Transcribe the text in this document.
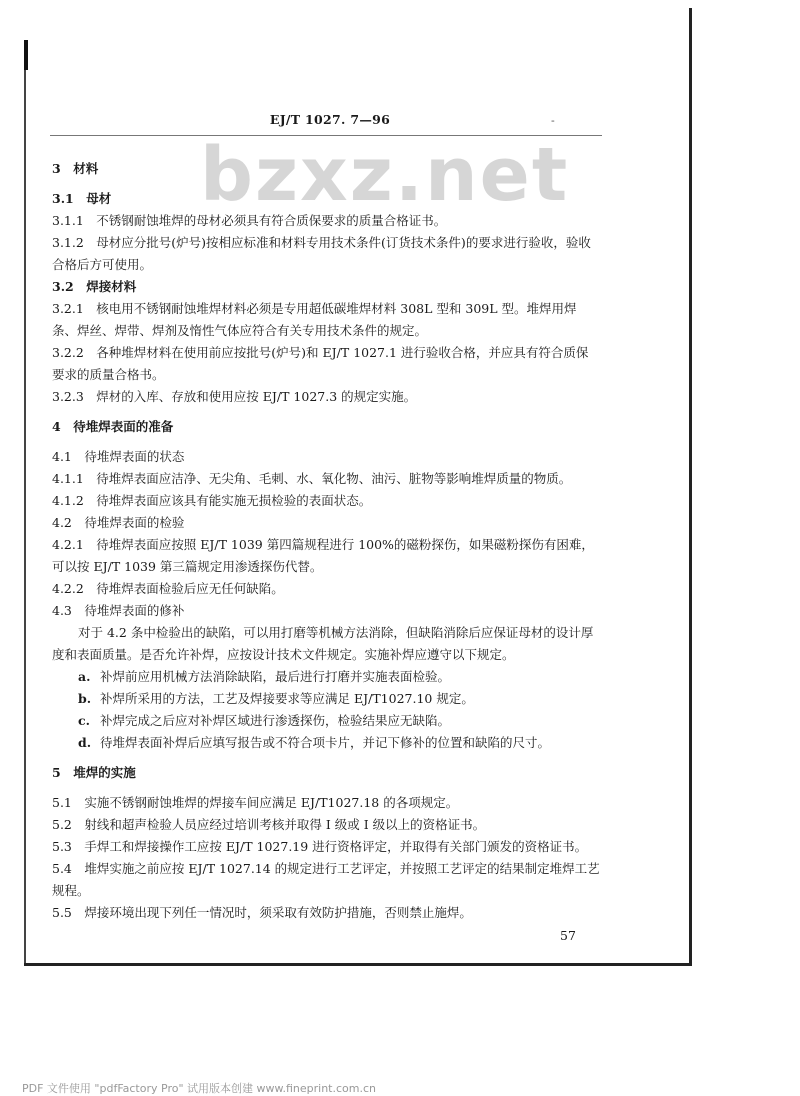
EJ/T 1027. 7—96	-
bzxz.net

3　材料

3.1　母材

3.1.1　不锈钢耐蚀堆焊的母材必须具有符合质保要求的质量合格证书。

3.1.2　母材应分批号(炉号)按相应标准和材料专用技术条件(订货技术条件)的要求进行验收，验收合格后方可使用。

3.2　焊接材料

3.2.1　核电用不锈钢耐蚀堆焊材料必须是专用超低碳堆焊材料 308L 型和 309L 型。堆焊用焊条、焊丝、焊带、焊剂及惰性气体应符合有关专用技术条件的规定。

3.2.2　各种堆焊材料在使用前应按批号(炉号)和 EJ/T 1027.1 进行验收合格，并应具有符合质保要求的质量合格书。

3.2.3　焊材的入库、存放和使用应按 EJ/T 1027.3 的规定实施。

4　待堆焊表面的准备

4.1　待堆焊表面的状态

4.1.1　待堆焊表面应洁净、无尖角、毛刺、水、氧化物、油污、脏物等影响堆焊质量的物质。

4.1.2　待堆焊表面应该具有能实施无损检验的表面状态。

4.2　待堆焊表面的检验

4.2.1　待堆焊表面应按照 EJ/T 1039 第四篇规程进行 100%的磁粉探伤，如果磁粉探伤有困难，可以按 EJ/T 1039 第三篇规定用渗透探伤代替。

4.2.2　待堆焊表面检验后应无任何缺陷。

4.3　待堆焊表面的修补

对于 4.2 条中检验出的缺陷，可以用打磨等机械方法消除，但缺陷消除后应保证母材的设计厚度和表面质量。是否允许补焊，应按设计技术文件规定。实施补焊应遵守以下规定。

a. 补焊前应用机械方法消除缺陷，最后进行打磨并实施表面检验。

b. 补焊所采用的方法，工艺及焊接要求等应满足 EJ/T1027.10 规定。

c. 补焊完成之后应对补焊区域进行渗透探伤，检验结果应无缺陷。

d. 待堆焊表面补焊后应填写报告或不符合项卡片，并记下修补的位置和缺陷的尺寸。

5　堆焊的实施

5.1　实施不锈钢耐蚀堆焊的焊接车间应满足 EJ/T1027.18 的各项规定。

5.2　射线和超声检验人员应经过培训考核并取得 Ⅰ 级或 Ⅰ 级以上的资格证书。

5.3　手焊工和焊接操作工应按 EJ/T 1027.19 进行资格评定，并取得有关部门颁发的资格证书。

5.4　堆焊实施之前应按 EJ/T 1027.14 的规定进行工艺评定，并按照工艺评定的结果制定堆焊工艺规程。

5.5　焊接环境出现下列任一情况时，须采取有效防护措施，否则禁止施焊。

57
PDF 文件使用 "pdfFactory Pro" 试用版本创建 www.fineprint.com.cn
